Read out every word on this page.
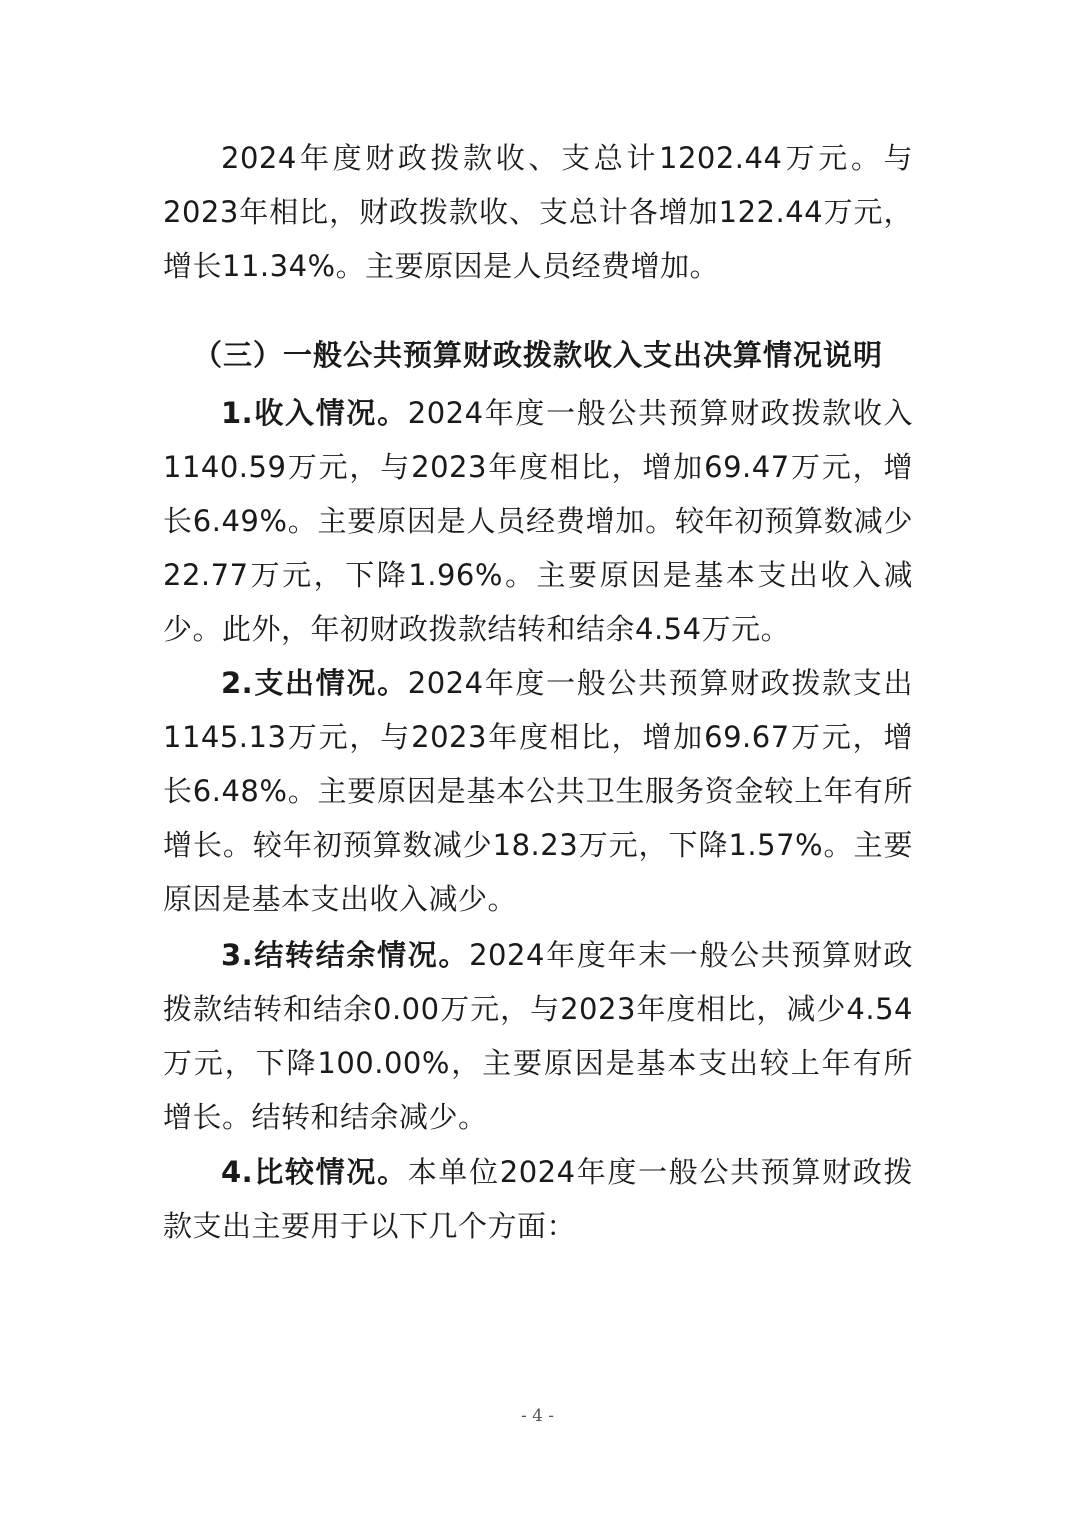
2024年度财政拨款收、支总计1202.44万元。与2023年相比，财政拨款收、支总计各增加122.44万元，增长11.34%。主要原因是人员经费增加。

（三）一般公共预算财政拨款收入支出决算情况说明

1.收入情况。2024年度一般公共预算财政拨款收入1140.59万元，与2023年度相比，增加69.47万元，增长6.49%。主要原因是人员经费增加。较年初预算数减少22.77万元，下降1.96%。主要原因是基本支出收入减少。此外，年初财政拨款结转和结余4.54万元。

2.支出情况。2024年度一般公共预算财政拨款支出1145.13万元，与2023年度相比，增加69.67万元，增长6.48%。主要原因是基本公共卫生服务资金较上年有所增长。较年初预算数减少18.23万元，下降1.57%。主要原因是基本支出收入减少。

3.结转结余情况。2024年度年末一般公共预算财政拨款结转和结余0.00万元，与2023年度相比，减少4.54万元，下降100.00%，主要原因是基本支出较上年有所增长。结转和结余减少。

4.比较情况。本单位2024年度一般公共预算财政拨款支出主要用于以下几个方面：

- 4 -
